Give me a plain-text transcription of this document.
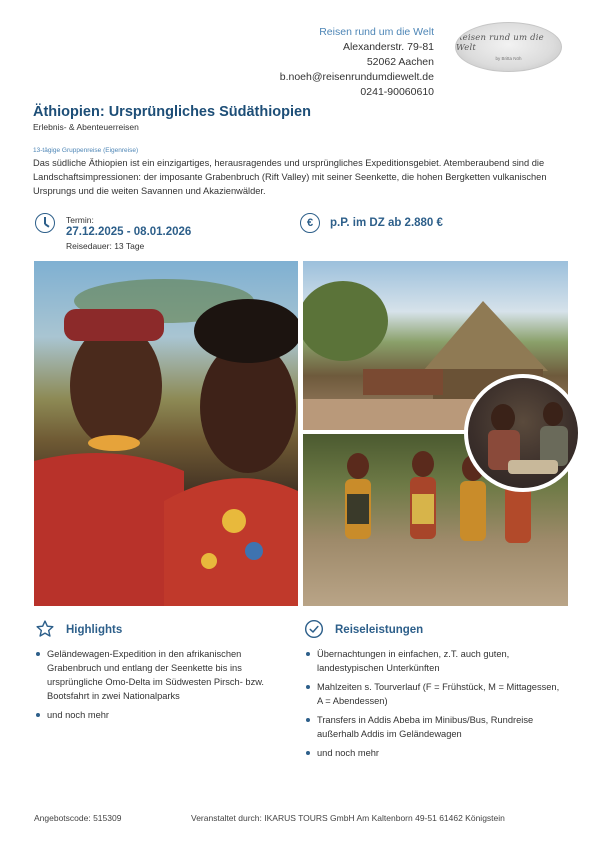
Reisen rund um die Welt
Alexanderstr. 79-81
52062 Aachen
b.noeh@reisenrundumdiewelt.de
0241-90060610
Reisen rund um die Welt
by Britta Nöh
Äthiopien: Ursprüngliches Südäthiopien
Erlebnis- & Abenteuerreisen
13-tägige Gruppenreise (Eigenreise)
Das südliche Äthiopien ist ein einzigartiges, herausragendes und ursprüngliches Expeditionsgebiet. Atemberaubend sind die Landschaftsimpressionen: der imposante Grabenbruch (Rift Valley) mit seiner Seenkette, die hohen Bergketten vulkanischen Ursprungs und die weiten Savannen und Akazienwälder.
Termin:
27.12.2025 - 08.01.2026
Reisedauer: 13 Tage
€	p.P. im DZ ab 2.880 €
Highlights
Geländewagen-Expedition in den afrikanischen Grabenbruch und entlang der Seenkette bis ins ursprüngliche Omo-Delta im Südwesten Pirsch- bzw. Bootsfahrt in zwei Nationalparks
und noch mehr
Reiseleistungen
Übernachtungen in einfachen, z.T. auch guten, landestypischen Unterkünften
Mahlzeiten s. Tourverlauf (F = Frühstück, M = Mittagessen, A = Abendessen)
Transfers in Addis Abeba im Minibus/Bus, Rundreise außerhalb Addis im Geländewagen
und noch mehr
Angebotscode: 515309	Veranstaltet durch: IKARUS TOURS GmbH Am Kaltenborn 49-51 61462 Königstein
